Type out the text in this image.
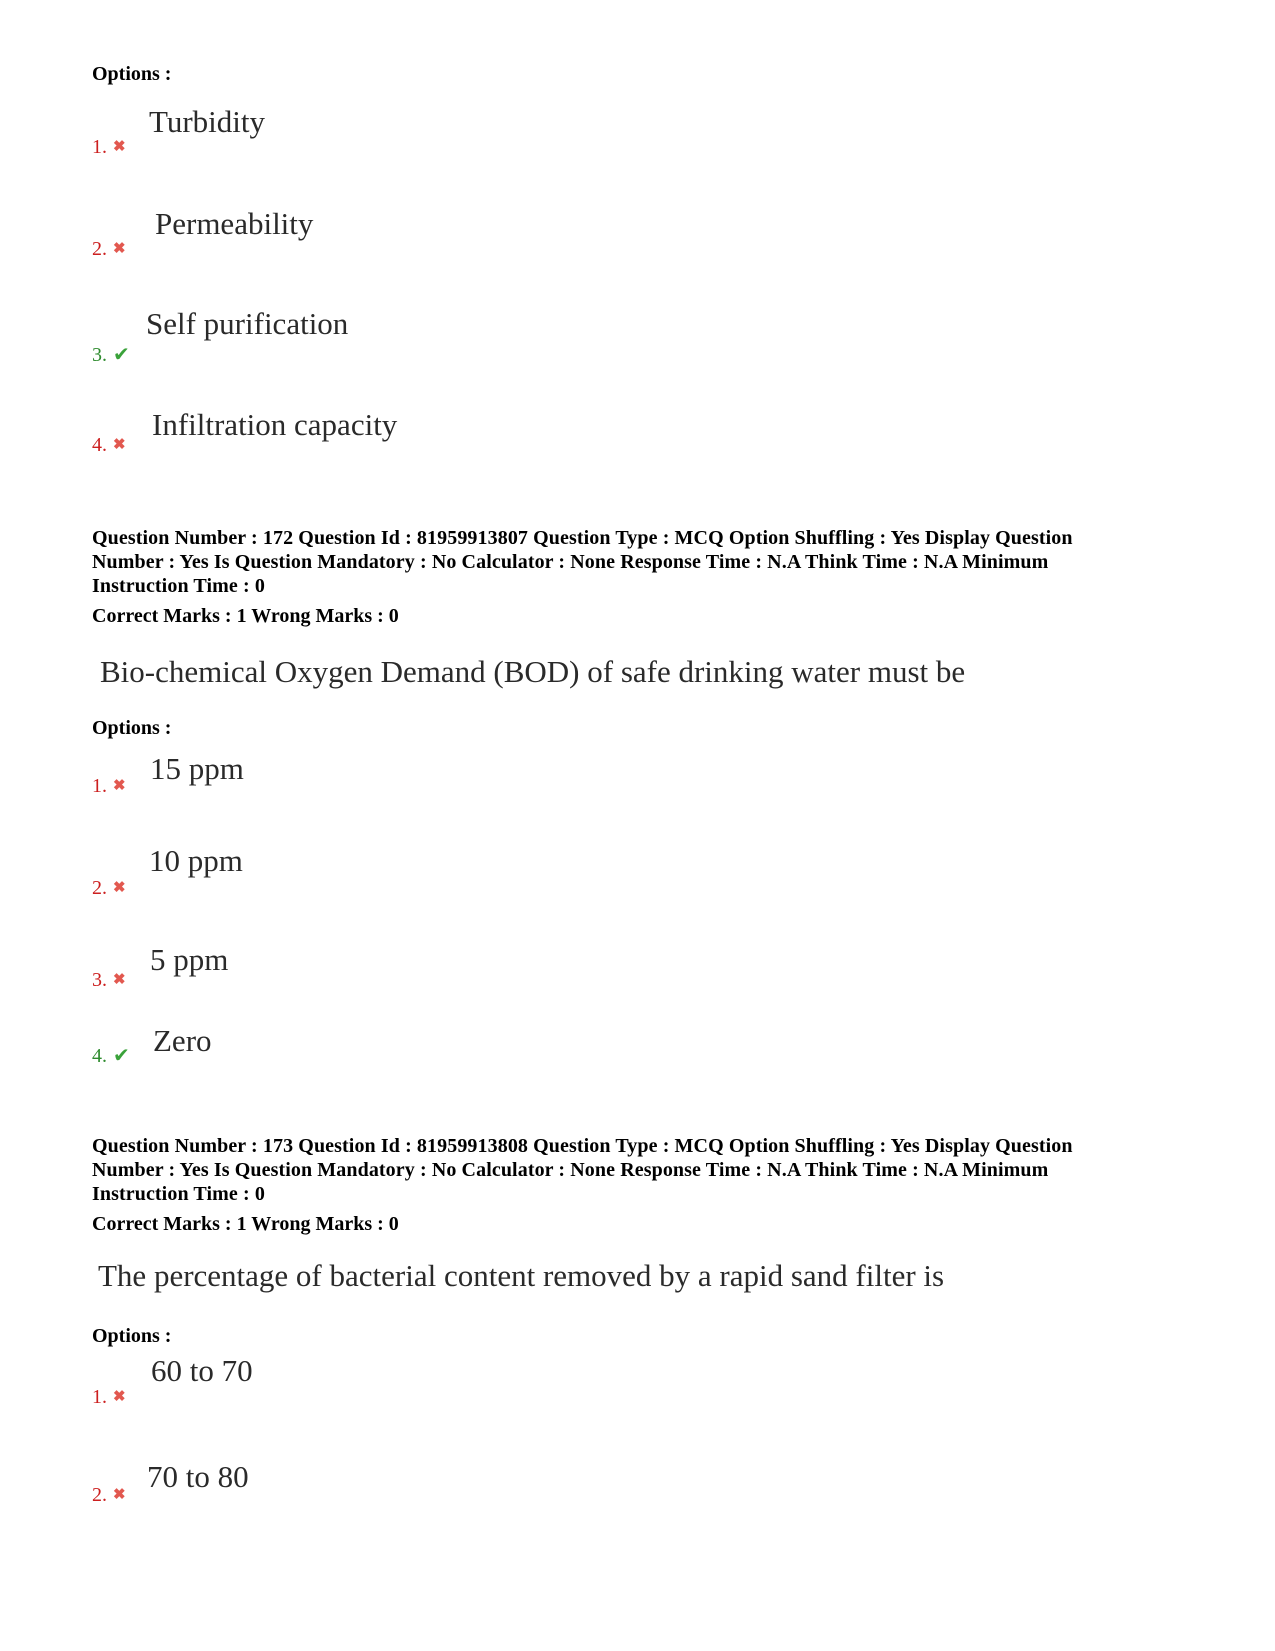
Options :
Turbidity
1. ✖
Permeability
2. ✖
Self purification
3. ✔
Infiltration capacity
4. ✖
Question Number : 172 Question Id : 81959913807 Question Type : MCQ Option Shuffling : Yes Display Question
Number : Yes Is Question Mandatory : No Calculator : None Response Time : N.A Think Time : N.A Minimum
Instruction Time : 0
Correct Marks : 1 Wrong Marks : 0
Bio-chemical Oxygen Demand (BOD) of safe drinking water must be
Options :
15 ppm
1. ✖
10 ppm
2. ✖
5 ppm
3. ✖
Zero
4. ✔
Question Number : 173 Question Id : 81959913808 Question Type : MCQ Option Shuffling : Yes Display Question
Number : Yes Is Question Mandatory : No Calculator : None Response Time : N.A Think Time : N.A Minimum
Instruction Time : 0
Correct Marks : 1 Wrong Marks : 0
The percentage of bacterial content removed by a rapid sand filter is
Options :
60 to 70
1. ✖
70 to 80
2. ✖
